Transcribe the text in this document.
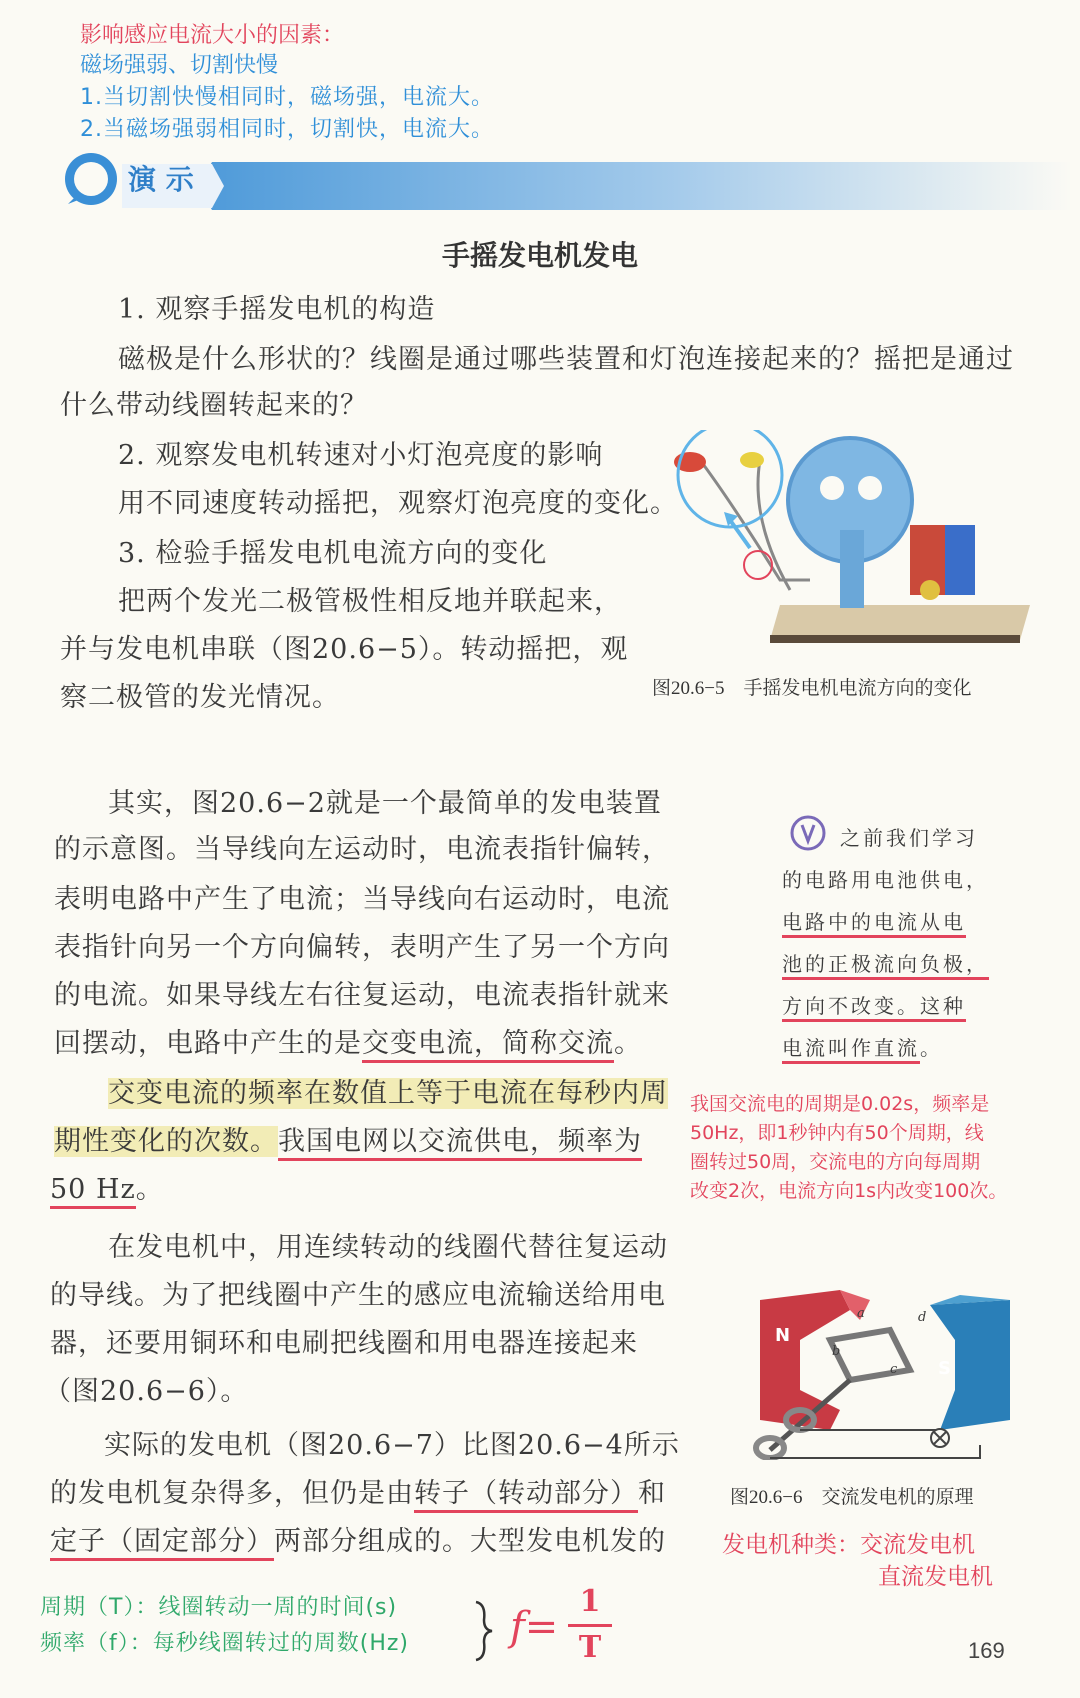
影响感应电流大小的因素：
磁场强弱、切割快慢
1.当切割快慢相同时，磁场强，电流大。
2.当磁场强弱相同时，切割快，电流大。
演 示
手摇发电机发电
1. 观察手摇发电机的构造
磁极是什么形状的？线圈是通过哪些装置和灯泡连接起来的？摇把是通过
什么带动线圈转起来的？
2. 观察发电机转速对小灯泡亮度的影响
用不同速度转动摇把，观察灯泡亮度的变化。
3. 检验手摇发电机电流方向的变化
把两个发光二极管极性相反地并联起来，
并与发电机串联（图20.6−5）。转动摇把，观
察二极管的发光情况。	图20.6−5　手摇发电机电流方向的变化
其实，图20.6−2就是一个最简单的发电装置
的示意图。当导线向左运动时，电流表指针偏转，
表明电路中产生了电流；当导线向右运动时，电流
表指针向另一个方向偏转，表明产生了另一个方向
的电流。如果导线左右往复运动，电流表指针就来
回摆动，电路中产生的是交变电流，简称交流。
之前我们学习
的电路用电池供电，
电路中的电流从电
池的正极流向负极，
方向不改变。这种
电流叫作直流。
交变电流的频率在数值上等于电流在每秒内周
期性变化的次数。我国电网以交流供电，频率为
50 Hz。
我国交流电的周期是0.02s，频率是
50Hz，即1秒钟内有50个周期，线
圈转过50周，交流电的方向每周期
改变2次，电流方向1s内改变100次。
在发电机中，用连续转动的线圈代替往复运动
的导线。为了把线圈中产生的感应电流输送给用电
器，还要用铜环和电刷把线圈和用电器连接起来
（图20.6−6）。
N
S
a
b
c
d
图20.6−6　交流发电机的原理
实际的发电机（图20.6−7）比图20.6−4所示
的发电机复杂得多，但仍是由转子（转动部分）和
定子（固定部分）两部分组成的。大型发电机发的 发电机种类：交流发电机
直流发电机
周期（T）：线圈转动一周的时间(s)
频率（f）：每秒线圈转过的周数(Hz)	f=
1
T	169
